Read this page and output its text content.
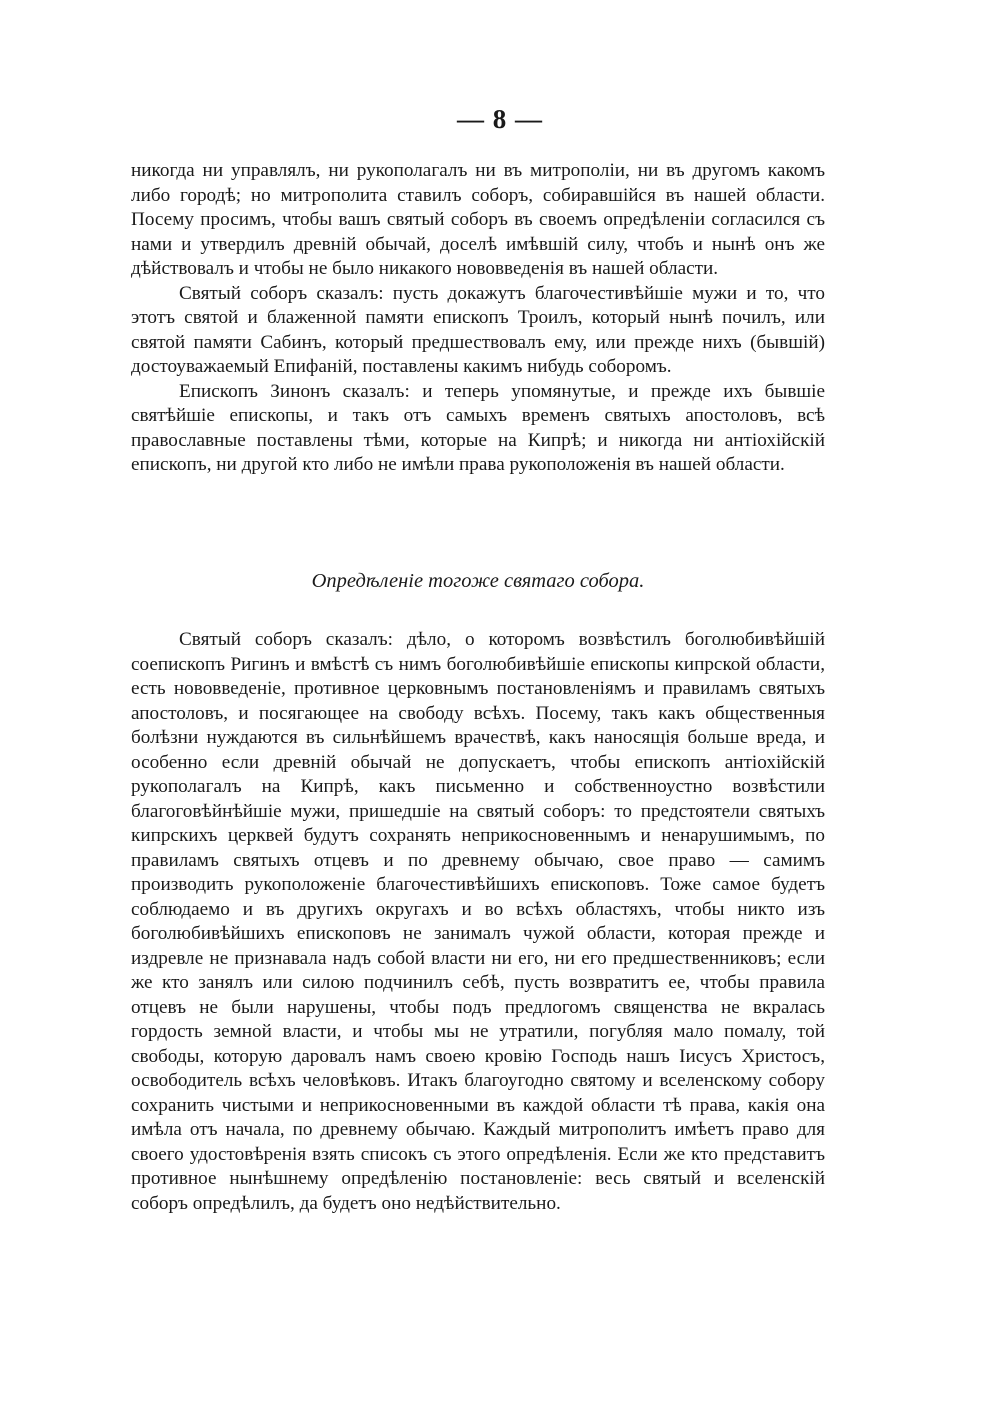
— 8 —

никогда ни управлялъ, ни рукополагалъ ни въ митрополіи, ни въ другомъ какомъ либо городѣ; но митрополита ставилъ соборъ, собиравшійся въ нашей области. Посему просимъ, чтобы вашъ святый соборъ въ своемъ опредѣленіи согласился съ нами и утвердилъ древній обычай, доселѣ имѣвшій силу, чтобъ и нынѣ онъ же дѣйствовалъ и чтобы не было никакого нововведенія въ нашей области.

Святый соборъ сказалъ: пусть докажутъ благочестивѣйшіе мужи и то, что этотъ святой и блаженной памяти епископъ Троилъ, который нынѣ почилъ, или святой памяти Сабинъ, который предшествовалъ ему, или прежде нихъ (бывшій) достоуважаемый Епифаній, поставлены какимъ нибудь соборомъ.

Епископъ Зинонъ сказалъ: и теперь упомянутые, и прежде ихъ бывшіе святѣйшіе епископы, и такъ отъ самыхъ временъ святыхъ апостоловъ, всѣ православные поставлены тѣми, которые на Кипрѣ; и никогда ни антіохійскій епископъ, ни другой кто либо не имѣли права рукоположенія въ нашей области.

Опредѣленіе тогоже святаго собора.

Святый соборъ сказалъ: дѣло, о которомъ возвѣстилъ боголюбивѣйшій соепископъ Ригинъ и вмѣстѣ съ нимъ боголюбивѣйшіе епископы кипрской области, есть нововведеніе, противное церковнымъ постановленіямъ и правиламъ святыхъ апостоловъ, и посягающее на свободу всѣхъ. Посему, такъ какъ общественныя болѣзни нуждаются въ сильнѣйшемъ врачествѣ, какъ наносящія больше вреда, и особенно если древній обычай не допускаетъ, чтобы епископъ антіохійскій рукополагалъ на Кипрѣ, какъ письменно и собственноустно возвѣстили благоговѣйнѣйшіе мужи, пришедшіе на святый соборъ: то предстоятели святыхъ кипрскихъ церквей будутъ сохранять неприкосновеннымъ и ненарушимымъ, по правиламъ святыхъ отцевъ и по древнему обычаю, свое право — самимъ производить рукоположеніе благочестивѣйшихъ епископовъ. Тоже самое будетъ соблюдаемо и въ другихъ округахъ и во всѣхъ областяхъ, чтобы никто изъ боголюбивѣйшихъ епископовъ не занималъ чужой области, которая прежде и издревле не признавала надъ собой власти ни его, ни его предшественниковъ; если же кто занялъ или силою подчинилъ себѣ, пусть возвратитъ ее, чтобы правила отцевъ не были нарушены, чтобы подъ предлогомъ священства не вкралась гордость земной власти, и чтобы мы не утратили, погубляя мало помалу, той свободы, которую даровалъ намъ своею кровію Господь нашъ Іисусъ Христосъ, освободитель всѣхъ человѣковъ. Итакъ благоугодно святому и вселенскому собору сохранить чистыми и неприкосновенными въ каждой области тѣ права, какія она имѣла отъ начала, по древнему обычаю. Каждый митрополитъ имѣетъ право для своего удостовѣренія взять списокъ съ этого опредѣленія. Если же кто представитъ противное нынѣшнему опредѣленію постановленіе: весь святый и вселенскій соборъ опредѣлилъ, да будетъ оно недѣйствительно.
